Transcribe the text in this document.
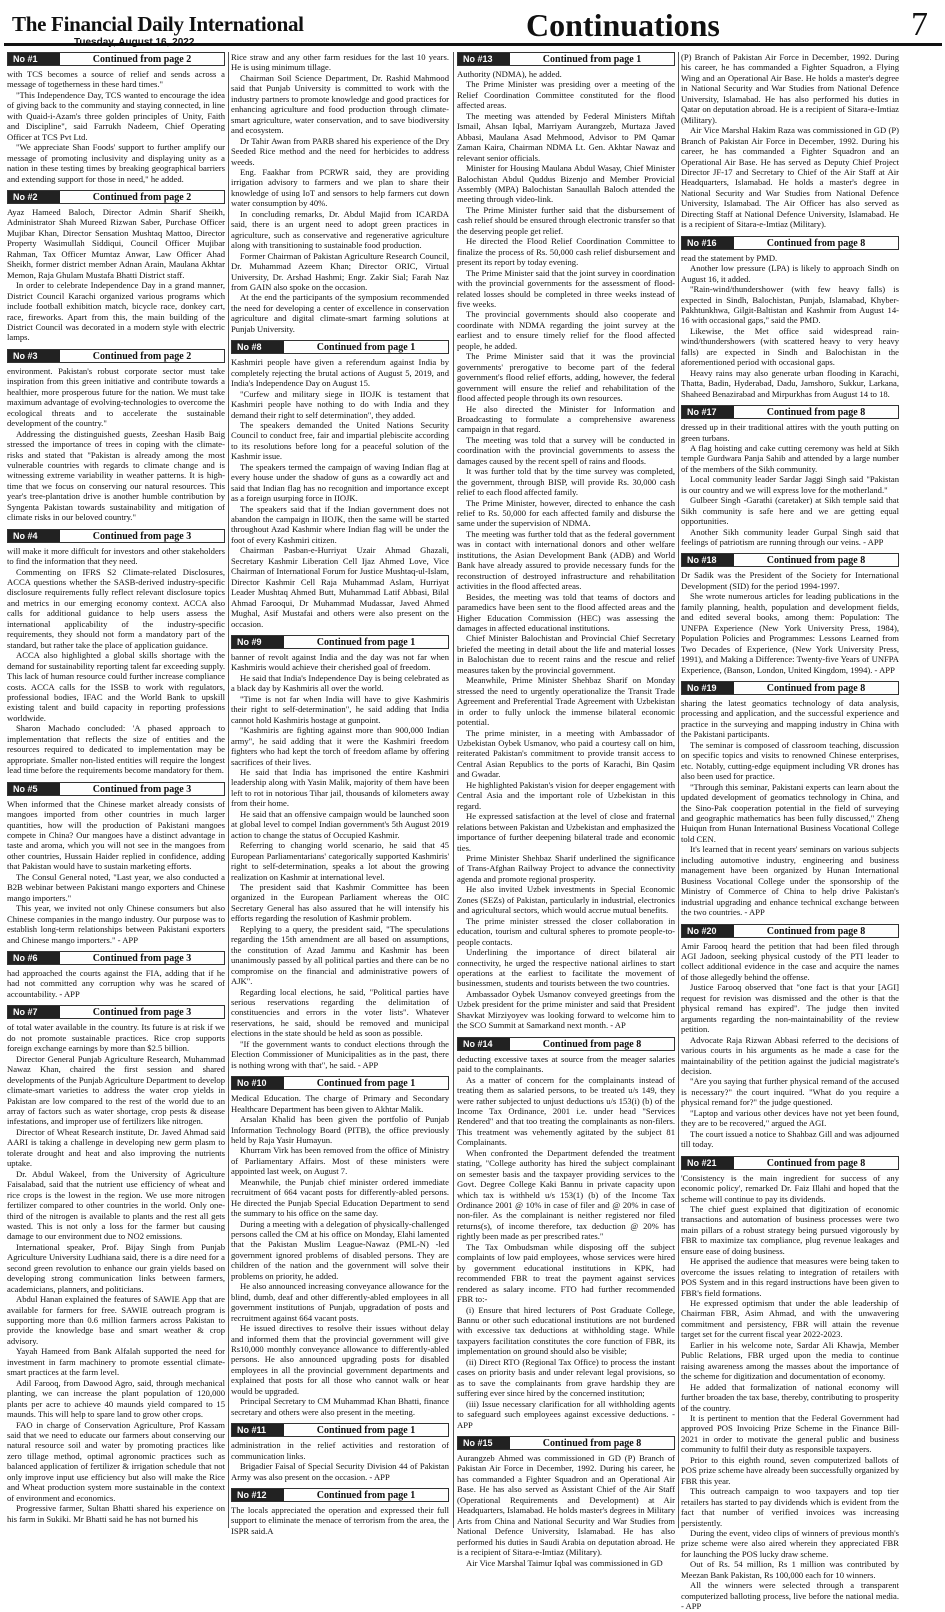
The Financial Daily International
Tuesday, August 16, 2022	Continuations	7
No #1	Continued from page 2

with TCS becomes a source of relief and sends across a message of togetherness in these hard times."

"This Independence Day, TCS wanted to encourage the idea of giving back to the community and staying connected, in line with Quaid-i-Azam's three golden principles of Unity, Faith and Discipline", said Farrukh Nadeem, Chief Operating Officer at TCS Pvt Ltd.

"We appreciate Shan Foods' support to further amplify our message of promoting inclusivity and displaying unity as a nation in these testing times by breaking geographical barriers and extending support for those in need," he added.

No #2	Continued from page 2

Ayaz Hameed Baloch, Director Admin Sharif Sheikh, Administrator Shah Mureed Rizwan Saber, Purchase Officer Mujibar Khan, Director Sensation Mushtaq Mattoo, Director Property Wasimullah Siddiqui, Council Officer Mujibar Rahman, Tax Officer Mumtaz Anwar, Law Officer Ahad Sheikh, former district member Adnan Arain, Maulana Akhtar Memon, Raja Ghulam Mustafa Bhatti District staff.

In order to celebrate Independence Day in a grand manner, District Council Karachi organized various programs which include football exhibition match, bicycle race, donkey cart, race, fireworks. Apart from this, the main building of the District Council was decorated in a modern style with electric lamps.

No #3	Continued from page 2

environment. Pakistan's robust corporate sector must take inspiration from this green initiative and contribute towards a healthier, more prosperous future for the nation. We must take maximum advantage of evolving-technologies to overcome the ecological threats and to accelerate the sustainable development of the country."

Addressing the distinguished guests, Zeeshan Hasib Baig stressed the importance of trees in coping with the climate-risks and stated that "Pakistan is already among the most vulnerable countries with regards to climate change and is witnessing extreme variability in weather patterns. It is high-time that we focus on conserving our natural resources. This year's tree-plantation drive is another humble contribution by Syngenta Pakistan towards sustainability and mitigation of climate risks in our beloved country."

No #4	Continued from page 3

will make it more difficult for investors and other stakeholders to find the information that they need.

Commenting on IFRS S2 Climate-related Disclosures, ACCA questions whether the SASB-derived industry-specific disclosure requirements fully reflect relevant disclosure topics and metrics in our emerging economy context. ACCA also calls for additional guidance to help users assess the international applicability of the industry-specific requirements, they should not form a mandatory part of the standard, but rather take the place of application guidance.

ACCA also highlighted a global skills shortage with the demand for sustainability reporting talent far exceeding supply. This lack of human resource could further increase compliance costs. ACCA calls for the ISSB to work with regulators, professional bodies, IFAC and the World Bank to upskill existing talent and build capacity in reporting professions worldwide.

Sharon Machado concluded: 'A phased approach to implementation that reflects the size of entities and the resources required to dedicated to implementation may be appropriate. Smaller non-listed entities will require the longest lead time before the requirements become mandatory for them.

No #5	Continued from page 3

When informed that the Chinese market already consists of mangoes imported from other countries in much larger quantities, how will the production of Pakistani mangoes compete in China? Our mangoes have a distinct advantage in taste and aroma, which you will not see in the mangoes from other countries, Hussain Haider replied in confidence, adding that Pakistan would have to sustain marketing efforts.

The Consul General noted, "Last year, we also conducted a B2B webinar between Pakistani mango exporters and Chinese mango importers."

This year, we invited not only Chinese consumers but also Chinese companies in the mango industry. Our purpose was to establish long-term relationships between Pakistani exporters and Chinese mango importers." - APP

No #6	Continued from page 3

had approached the courts against the FIA, adding that if he had not committed any corruption why was he scared of accountability. - APP

No #7	Continued from page 3

of total water available in the country. Its future is at risk if we do not promote sustainable practices. Rice crop supports foreign exchange earnings by more than $2.5 billion.

Director General Punjab Agriculture Research, Muhammad Nawaz Khan, chaired the first session and shared developments of the Punjab Agriculture Department to develop climate-smart varieties to address the water crop yields in Pakistan are low compared to the rest of the world due to an array of factors such as water shortage, crop pests & disease infestations, and improper use of fertilizers like nitrogen.

Director of Wheat Research institute, Dr. Javed Ahmad said AARI is taking a challenge in developing new germ plasm to tolerate drought and heat and also improving the nutrients uptake.

Dr. Abdul Wakeel, from the University of Agriculture Faisalabad, said that the nutrient use efficiency of wheat and rice crops is the lowest in the region. We use more nitrogen fertilizer compared to other countries in the world. Only one-third of the nitrogen is available to plants and the rest all gets wasted. This is not only a loss for the farmer but causing damage to our environment due to NO2 emissions.

International speaker, Prof. Bijay Singh from Punjab Agriculture University Ludhiana said, there is a dire need for a second green revolution to enhance our grain yields based on developing strong communication links between farmers, academicians, planners, and politicians.

Abdul Hanan explained the features of SAWIE App that are available for farmers for free. SAWIE outreach program is supporting more than 0.6 million farmers across Pakistan to provide the knowledge base and smart weather & crop advisory.

Yayah Hameed from Bank Alfalah supported the need for investment in farm machinery to promote essential climate-smart practices at the farm level.

Adil Farooq, from Dawood Agro, said, through mechanical planting, we can increase the plant population of 120,000 plants per acre to achieve 40 maunds yield compared to 15 maunds. This will help to spare land to grow other crops.

FAO in charge of Conservation Agriculture, Prof Kassam said that we need to educate our farmers about conserving our natural resource soil and water by promoting practices like zero tillage method, optimal agronomic practices such as balanced application of fertilizer & irrigation schedule that not only improve input use efficiency but also will make the Rice and Wheat production system more sustainable in the context of environment and economics.

Progressive farmer, Sultan Bhatti shared his experience on his farm in Sukiki. Mr Bhatti said he has not burned his

Rice straw and any other farm residues for the last 10 years. He is using minimum tillage.

Chairman Soil Science Department, Dr. Rashid Mahmood said that Punjab University is committed to work with the industry partners to promote knowledge and good practices for enhancing agriculture and food production through climate-smart agriculture, water conservation, and to save biodiversity and ecosystem.

Dr Tahir Awan from PARB shared his experience of the Dry Seeded Rice method and the need for herbicides to address weeds.

Eng. Faakhar from PCRWR said, they are providing irrigation advisory to farmers and we plan to share their knowledge of using IoT and sensors to help farmers cut down water consumption by 40%.

In concluding remarks, Dr. Abdul Majid from ICARDA said, there is an urgent need to adopt green practices in agriculture, such as conservative and regenerative agriculture along with transitioning to sustainable food production.

Former Chairman of Pakistan Agriculture Research Council, Dr. Muhammad Azeem Khan; Director ORIC, Virtual University, Dr. Arshad Hashmi; Engr. Zakir Sial; Farah Naz from GAIN also spoke on the occasion.

At the end the participants of the symposium recommended the need for developing a center of excellence in conservation agriculture and digital climate-smart farming solutions at Punjab University.

No #8	Continued from page 1

Kashmiri people have given a referendum against India by completely rejecting the brutal actions of August 5, 2019, and India's Independence Day on August 15.

"Curfew and military siege in IIOJK is testament that Kashmiri people have nothing to do with India and they demand their right to self determination", they added.

The speakers demanded the United Nations Security Council to conduct free, fair and impartial plebiscite according to its resolutions before long for a peaceful solution of the Kashmir issue.

The speakers termed the campaign of waving Indian flag at every house under the shadow of guns as a cowardly act and said that Indian flag has no recognition and importance except as a foreign usurping force in IIOJK.

The speakers said that if the Indian government does not abandon the campaign in IIOJK, then the same will be started throughout Azad Kashmir where Indian flag will be under the foot of every Kashmiri citizen.

Chairman Pasban-e-Hurriyat Uzair Ahmad Ghazali, Secretary Kashmir Liberation Cell Ijaz Ahmed Love, Vice Chairman of International Forum for Justice Mushtaq-ul-Islam, Director Kashmir Cell Raja Muhammad Aslam, Hurriyat Leader Mushtaq Ahmed Butt, Muhammad Latif Abbasi, Bilal Ahmad Farooqui, Dr Muhammad Mudassar, Javed Ahmed Mughal, Asif Mustafai and others were also present on the occasion.

No #9	Continued from page 1

banner of revolt against India and the day was not far when Kashmiris would achieve their cherished goal of freedom.

He said that India's Independence Day is being celebrated as a black day by Kashmiris all over the world.

"Time is not far when India will have to give Kashmiris their right to self-determination", he said adding that India cannot hold Kashmiris hostage at gunpoint.

"Kashmiris are fighting against more than 900,000 Indian army", he said adding that it were the Kashmiri freedom fighters who had kept the torch of freedom aflame by offering sacrifices of their lives.

He said that India has imprisoned the entire Kashmiri leadership along with Yasin Malik, majority of them have been left to rot in notorious Tihar jail, thousands of kilometers away from their home.

He said that an offensive campaign would be launched soon at global level to compel Indian government's 5th August 2019 action to change the status of Occupied Kashmir.

Referring to changing world scenario, he said that 45 European Parliamentarians' categorically supported Kashmiris' right to self-determination, speaks a lot about the growing realization on Kashmir at international level.

The president said that Kashmir Committee has been organized in the European Parliament whereas the OIC Secretary General has also assured that he will intensify his efforts regarding the resolution of Kashmir problem.

Replying to a query, the president said, "The speculations regarding the 15th amendment are all based on assumptions, the constitution of Azad Jammu and Kashmir has been unanimously passed by all political parties and there can be no compromise on the financial and administrative powers of AJK".

Regarding local elections, he said, "Political parties have serious reservations regarding the delimitation of constituencies and errors in the voter lists". Whatever reservations, he said, should be removed and municipal elections in the state should be held as soon as possible.

"If the government wants to conduct elections through the Election Commissioner of Municipalities as in the past, there is nothing wrong with that", he said. - APP

No #10	Continued from page 1

Medical Education. The charge of Primary and Secondary Healthcare Department has been given to Akhtar Malik.

Arsalan Khalid has been given the portfolio of Punjab Information Technology Board (PITB), the office previously held by Raja Yasir Humayun.

Khurram Virk has been removed from the office of Ministry of Parliamentary Affairs. Most of these ministers were appointed last week, on August 7.

Meanwhile, the Punjab chief minister ordered immediate recruitment of 664 vacant posts for differently-abled persons. He directed the Punjab Special Education Department to send the summary to his office on the same day.

During a meeting with a delegation of physically-challenged persons called the CM at his office on Monday, Elahi lamented that the Pakistan Muslim League-Nawaz (PML-N) -led government ignored problems of disabled persons. They are children of the nation and the government will solve their problems on priority, he added.

He also announced increasing conveyance allowance for the blind, dumb, deaf and other differently-abled employees in all government institutions of Punjab, upgradation of posts and recruitment against 664 vacant posts.

He issued directives to resolve their issues without delay and informed them that the provincial government will give Rs10,000 monthly conveyance allowance to differently-abled persons. He also announced upgrading posts for disabled employees in all the provincial government departments and explained that posts for all those who cannot walk or hear would be upgraded.

Principal Secretary to CM Muhammad Khan Bhatti, finance secretary and others were also present in the meeting.

No #11	Continued from page 1

administration in the relief activities and restoration of communication links.

Brigadier Faisal of Special Security Division 44 of Pakistan Army was also present on the occasion. - APP

No #12	Continued from page 1

The locals appreciated the operation and expressed their full support to eliminate the menace of terrorism from the area, the ISPR said.A

No #13	Continued from page 1

Authority (NDMA), he added.

The Prime Minister was presiding over a meeting of the Relief Coordination Committee constituted for the flood affected areas.

The meeting was attended by Federal Ministers Miftah Ismail, Ahsan Iqbal, Marriyam Aurangzeb, Murtaza Javed Abbasi, Maulana Asad Mehmood, Advisor to PM Qamar Zaman Kaira, Chairman NDMA Lt. Gen. Akhtar Nawaz and relevant senior officials.

Minister for Housing Maulana Abdul Wasay, Chief Minister Balochistan Abdul Quddus Bizenjo and Member Provicial Assembly (MPA) Balochistan Sanaullah Baloch attended the meeting through video-link.

The Prime Minister further said that the disbursement of cash relief should be ensured through electronic transfer so that the deserving people get relief.

He directed the Flood Relief Coordination Committee to finalize the process of Rs. 50,000 cash relief disbursement and present its report by today evening.

The Prime Minister said that the joint survey in coordination with the provincial governments for the assessment of flood-related losses should be completed in three weeks instead of five weeks.

The provincial governments should also cooperate and coordinate with NDMA regarding the joint survey at the earliest and to ensure timely relief for the flood affected people, he added.

The Prime Minister said that it was the provincial governments' prerogative to become part of the federal government's flood relief efforts, adding, however, the federal government will ensure the relief and rehabilitation of the flood affected people through its own resources.

He also directed the Minister for Information and Broadcasting to formulate a comprehensive awareness campaign in that regard.

The meeting was told that a survey will be conducted in coordination with the provincial governments to assess the damages caused by the recent spell of rains and floods.

It was further told that by the time survey was completed, the government, through BISP, will provide Rs. 30,000 cash relief to each flood affected family.

The Prime Minister, however, directed to enhance the cash relief to Rs. 50,000 for each affected family and disburse the same under the supervision of NDMA.

The meeting was further told that as the federal government was in contact with international donors and other welfare institutions, the Asian Development Bank (ADB) and World Bank have already assured to provide necessary funds for the reconstruction of destroyed infrastructure and rehabilitation activities in the flood affected areas.

Besides, the meeting was told that teams of doctors and paramedics have been sent to the flood affected areas and the Higher Education Commission (HEC) was assessing the damages in affected educational institutions.

Chief Minister Balochistan and Provincial Chief Secretary briefed the meeting in detail about the life and material losses in Balochistan due to recent rains and the rescue and relief measures taken by the provincial government.

Meanwhile, Prime Minister Shehbaz Sharif on Monday stressed the need to urgently operationalize the Transit Trade Agreement and Preferential Trade Agreement with Uzbekistan in order to fully unlock the immense bilateral economic potential.

The prime minister, in a meeting with Ambassador of Uzbekistan Oybek Usmanov, who paid a courtesy call on him, reiterated Pakistan's commitment to provide transit access to Central Asian Republics to the ports of Karachi, Bin Qasim and Gwadar.

He highlighted Pakistan's vision for deeper engagement with Central Asia and the important role of Uzbekistan in this regard.

He expressed satisfaction at the level of close and fraternal relations between Pakistan and Uzbekistan and emphasized the importance of further deepening bilateral trade and economic ties.

Prime Minister Shehbaz Sharif underlined the significance of Trans-Afghan Railway Project to advance the connectivity agenda and promote regional prosperity.

He also invited Uzbek investments in Special Economic Zones (SEZs) of Pakistan, particularly in industrial, electronics and agricultural sectors, which would accrue mutual benefits.

The prime minister stressed the closer collaboration in education, tourism and cultural spheres to promote people-to-people contacts.

Underlining the importance of direct bilateral air connectivity, he urged the respective national airlines to start operations at the earliest to facilitate the movement of businessmen, students and tourists between the two countries.

Ambassador Oybek Usmanov conveyed greetings from the Uzbek president for the prime minister and said that President Shavkat Mirziyoyev was looking forward to welcome him to the SCO Summit at Samarkand next month. - AP

No #14	Continued from page 8

deducting excessive taxes at source from the meager salaries paid to the complainants.

As a matter of concern for the complainants instead of treating them as salaried persons, to be treated u/s 149, they were rather subjected to unjust deductions u/s 153(i) (b) of the Income Tax Ordinance, 2001 i.e. under head "Services Rendered" and that too treating the complainants as non-filers. This treatment was vehemently agitated by the subject 81 Complainants.

When confronted the Department defended the treatment stating, "College authority has hired the subject complainant on semester basis and the taxpayer providing services to the Govt. Degree College Kaki Bannu in private capacity upon which tax is withheld u/s 153(1) (b) of the Income Tax Ordinance 2001 @ 10% in case of filer and @ 20% in case of non-filer. As the complainant is neither registered nor filed returns(s), of income therefore, tax deduction @ 20% has rightly been made as per prescribed rates."

The Tax Ombudsman while disposing off the subject complaints of low paid employees, whose services were hired by government educational institutions in KPK, had recommended FBR to treat the payment against services rendered as salary income. FTO had further recommended FBR to:-

(i) Ensure that hired lecturers of Post Graduate College, Bannu or other such educational institutions are not burdened with excessive tax deductions at withholding stage. While taxpayers facilitation constitutes the core function of FBR, its implementation on ground should also be visible;

(ii) Direct RTO (Regional Tax Office) to process the instant cases on priority basis and under relevant legal provisions, so as to save the complainants from grave hardship they are suffering ever since hired by the concerned institution;

(iii) Issue necessary clarification for all withholding agents to safeguard such employees against excessive deductions. - APP

No #15	Continued from page 8

Aurangzeb Ahmed was commissioned in GD (P) Branch of Pakistan Air Force in December, 1992. During his career, he has commanded a Fighter Squadron and an Operational Air Base. He has also served as Assistant Chief of the Air Staff (Operational Requirements and Development) at Air Headquarters, Islamabad. He holds master's degrees in Military Arts from China and National Security and War Studies from National Defence University, Islamabad. He has also performed his duties in Saudi Arabia on deputation abroad. He is a recipient of Sitara-e-Imtiaz (Military).

Air Vice Marshal Taimur Iqbal was commissioned in GD

(P) Branch of Pakistan Air Force in December, 1992. During his career, he has commanded a Fighter Squadron, a Flying Wing and an Operational Air Base. He holds a master's degree in National Security and War Studies from National Defence University, Islamabad. He has also performed his duties in Qatar on deputation abroad. He is a recipient of Sitara-e-Imtiaz (Military).

Air Vice Marshal Hakim Raza was commissioned in GD (P) Branch of Pakistan Air Force in December, 1992. During his career, he has commanded a Fighter Squadron and an Operational Air Base. He has served as Deputy Chief Project Director JF-17 and Secretary to Chief of the Air Staff at Air Headquarters, Islamabad. He holds a master's degree in National Security and War Studies from National Defence University, Islamabad. The Air Officer has also served as Directing Staff at National Defence University, Islamabad. He is a recipient of Sitara-e-Imtiaz (Military).

No #16	Continued from page 8

read the statement by PMD.

Another low pressure (LPA) is likely to approach Sindh on August 16, it added.

"Rain-wind/thundershower (with few heavy falls) is expected in Sindh, Balochistan, Punjab, Islamabad, Khyber-Pakhtunkhwa, Gilgit-Baltistan and Kashmir from August 14-16 with occasional gaps," said the PMD.

Likewise, the Met office said widespread rain-wind/thundershowers (with scattered heavy to very heavy falls) are expected in Sindh and Balochistan in the aforementioned period with occasional gaps.

Heavy rains may also generate urban flooding in Karachi, Thatta, Badin, Hyderabad, Dadu, Jamshoro, Sukkur, Larkana, Shaheed Benazirabad and Mirpurkhas from August 14 to 18.

No #17	Continued from page 8

dressed up in their traditional attires with the youth putting on green turbans.

A flag hoisting and cake cutting ceremony was held at Sikh temple Gurdwara Panja Sahib and attended by a large number of the members of the Sikh community.

Local community leader Sardar Jaggi Singh said "Pakistan is our country and we will express love for the motherland."

Gulbeer Singh -Garathi (caretaker) at Sikh temple said that Sikh community is safe here and we are getting equal opportunities.

Another Sikh community leader Gurpal Singh said that feelings of patriotism are running through our veins. - APP

No #18	Continued from page 8

Dr Sadik was the President of the Society for International Development (SID) for the period 1994-1997.

She wrote numerous articles for leading publications in the family planning, health, population and development fields, and edited several books, among them: Population: The UNFPA Experience (New York University Press, 1984), Population Policies and Programmes: Lessons Learned from Two Decades of Experience, (New York University Press, 1991), and Making a Difference: Twenty-five Years of UNFPA Experience, (Banson, London, United Kingdom, 1994). - APP

No #19	Continued from page 8

sharing the latest geomatics technology of data analysis, processing and application, and the successful experience and practice in the surveying and mapping industry in China with the Pakistani participants.

The seminar is composed of classroom teaching, discussion on specific topics and visits to renowned Chinese enterprises, etc. Notably, cutting-edge equipment including VR drones has also been used for practice.

"Through this seminar, Pakistani experts can learn about the updated development of geomatics technology in China, and the Sino-Pak cooperation potential in the field of surveying and geographic mathematics has been fully discussed," Zheng Huiqun from Hunan International Business Vocational College told CEN.

It's learned that in recent years' seminars on various subjects including automotive industry, engineering and business management have been organized by Hunan International Business Vocational College under the sponsorship of the Ministry of Commerce of China to help drive Pakistan's industrial upgrading and enhance technical exchange between the two countries. - APP

No #20	Continued from page 8

Amir Farooq heard the petition that had been filed through AGI Jadoon, seeking physical custody of the PTI leader to collect additional evidence in the case and acquire the names of those allegedly behind the offense.

Justice Farooq observed that "one fact is that your [AGI] request for revision was dismissed and the other is that the physical remand has expired". The judge then invited arguments regarding the non-maintainability of the review petition.

Advocate Raja Rizwan Abbasi referred to the decisions of various courts in his arguments as he made a case for the maintainability of the petition against the judicial magistrate's decision.

"Are you saying that further physical remand of the accused is necessary?" the court inquired. "What do you require a physical remand for?" the judge questioned.

"Laptop and various other devices have not yet been found, they are to be recovered," argued the AGI.

The court issued a notice to Shahbaz Gill and was adjourned till today.

No #21	Continued from page 8

'Consistency is the main ingredient for success of any economic policy', remarked Dr. Faiz Illahi and hoped that the scheme will continue to pay its dividends.

The chief guest explained that digitization of economic transactions and automation of business processes were two main pillars of a robust strategy being pursued vigorously by FBR to maximize tax compliance, plug revenue leakages and ensure ease of doing business.

He apprised the audience that measures were being taken to overcome the issues relating to integration of retailers with POS System and in this regard instructions have been given to FBR's field formations.

He expressed optimism that under the able leadership of Chairman FBR, Asim Ahmad, and with the unwavering commitment and persistency, FBR will attain the revenue target set for the current fiscal year 2022-2023.

Earlier in his welcome note, Sardar Ali Khawja, Member Public Relations, FBR urged upon the media to continue raising awareness among the masses about the importance of the scheme for digitization and documentation of economy.

He added that formalization of national economy will further broaden the tax base, thereby, contributing to prosperity of the country.

It is pertinent to mention that the Federal Government had approved POS Invoicing Prize Scheme in the Finance Bill-2021 in order to motivate the general public and business community to fulfil their duty as responsible taxpayers.

Prior to this eighth round, seven computerized ballots of POS prize scheme have already been successfully organized by FBR this year.

This outreach campaign to woo taxpayers and top tier retailers has started to pay dividends which is evident from the fact that number of verified invoices was increasing persistently.

During the event, video clips of winners of previous month's prize scheme were also aired wherein they appreciated FBR for launching the POS lucky draw scheme.

Out of Rs. 54 million, Rs 1 million was contributed by Meezan Bank Pakistan, Rs 100,000 each for 10 winners.

All the winners were selected through a transparent computerized balloting process, live before the national media. - APP
